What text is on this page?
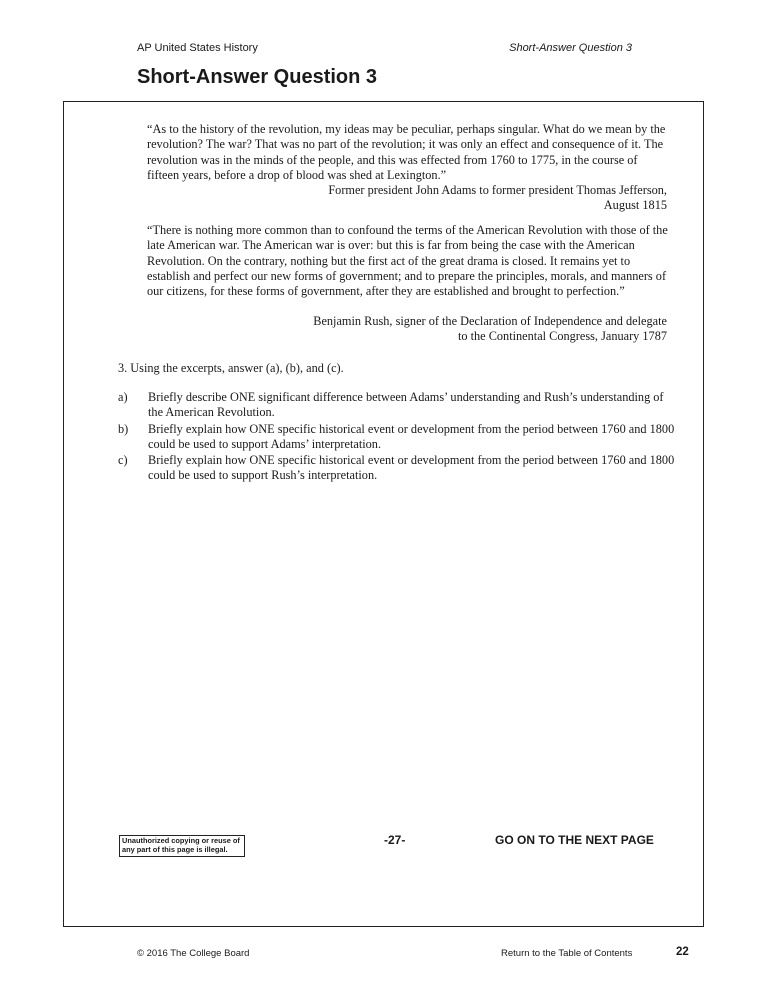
AP United States History	Short-Answer Question 3
Short-Answer Question 3

“As to the history of the revolution, my ideas may be peculiar, perhaps singular. What do we mean by the revolution? The war? That was no part of the revolution; it was only an effect and consequence of it. The revolution was in the minds of the people, and this was effected from 1760 to 1775, in the course of fifteen years, before a drop of blood was shed at Lexington.”

Former president John Adams to former president Thomas Jefferson,
August 1815

“There is nothing more common than to confound the terms of the American Revolution with those of the late American war. The American war is over: but this is far from being the case with the American Revolution. On the contrary, nothing but the first act of the great drama is closed. It remains yet to establish and perfect our new forms of government; and to prepare the principles, morals, and manners of our citizens, for these forms of government, after they are established and brought to perfection.”

Benjamin Rush, signer of the Declaration of Independence and delegate
to the Continental Congress, January 1787
3. Using the excerpts, answer (a), (b), and (c).
a)	Briefly describe ONE significant difference between Adams’ understanding and Rush’s understanding of the American Revolution.
b)	Briefly explain how ONE specific historical event or development from the period between 1760 and 1800 could be used to support Adams’ interpretation.
c)	Briefly explain how ONE specific historical event or development from the period between 1760 and 1800 could be used to support Rush’s interpretation.
Unauthorized copying or reuse of
any part of this page is illegal.
-27-	GO ON TO THE NEXT PAGE
© 2016 The College Board	Return to the Table of Contents	22
